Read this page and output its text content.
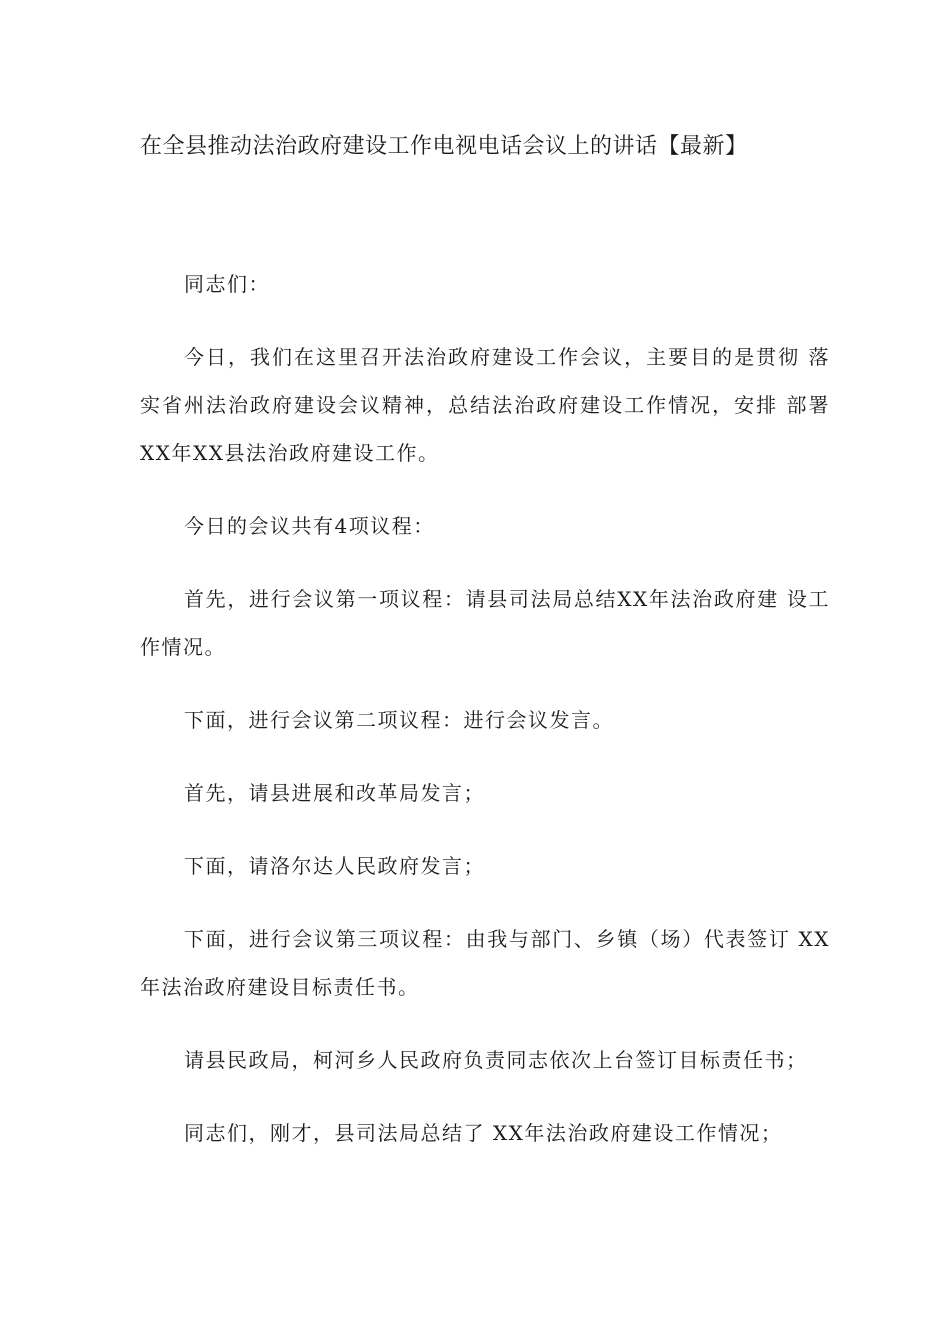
在全县推动法治政府建设工作电视电话会议上的讲话【最新】

同志们：

今日，我们在这里召开法治政府建设工作会议，主要目的是贯彻 落实省州法治政府建设会议精神，总结法治政府建设工作情况，安排 部署XX年XX县法治政府建设工作。

今日的会议共有4项议程：

首先，进行会议第一项议程：请县司法局总结XX年法治政府建 设工作情况。

下面，进行会议第二项议程：进行会议发言。

首先，请县进展和改革局发言；

下面，请洛尔达人民政府发言；

下面，进行会议第三项议程：由我与部门、乡镇（场）代表签订 XX年法治政府建设目标责任书。

请县民政局，柯河乡人民政府负责同志依次上台签订目标责任书；

同志们，刚才，县司法局总结了 XX年法治政府建设工作情况；
